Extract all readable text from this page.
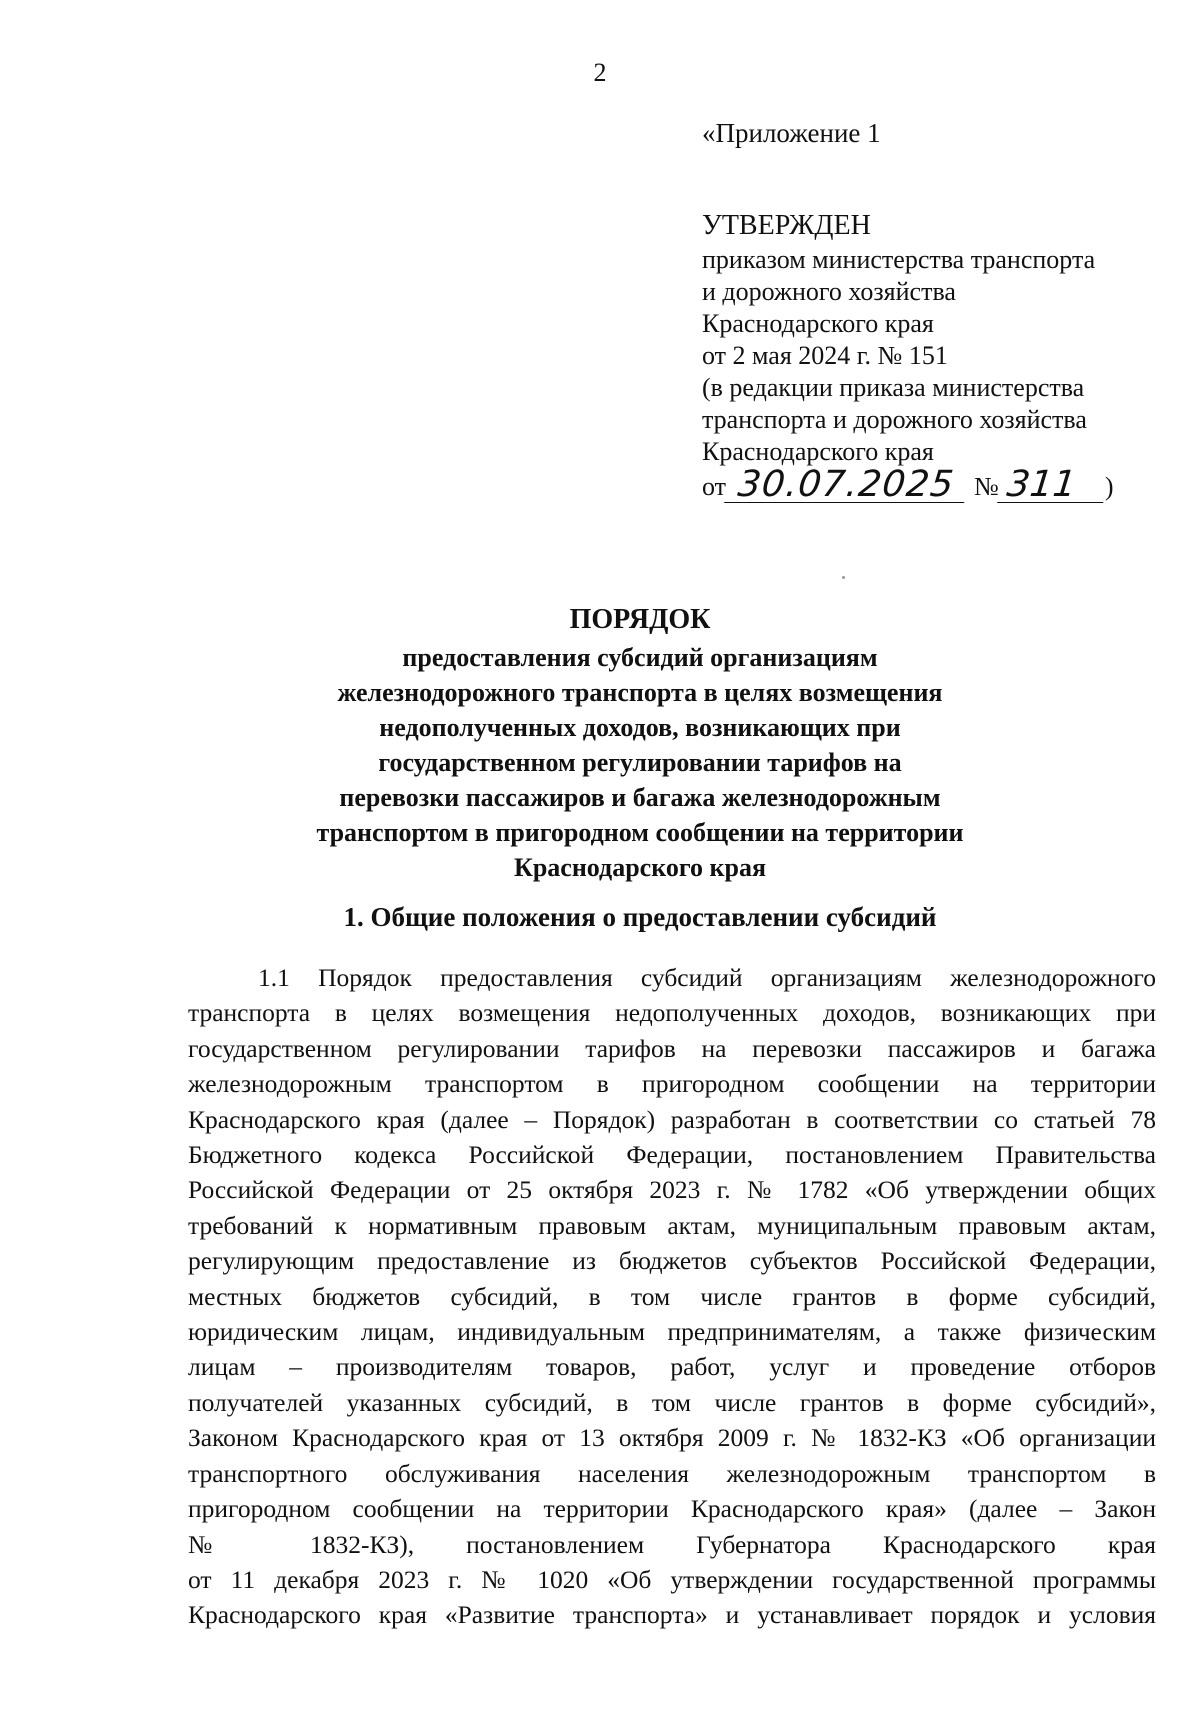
2
«Приложение 1
УТВЕРЖДЕН
приказом министерства транспорта
и дорожного хозяйства
Краснодарского края
от 2 мая 2024 г. № 151
(в редакции приказа министерства
транспорта и дорожного хозяйства
Краснодарского края
от 30.07.2025 № 311 )
ПОРЯДОК
предоставления субсидий организациям
железнодорожного транспорта в целях возмещения
недополученных доходов, возникающих при
государственном регулировании тарифов на
перевозки пассажиров и багажа железнодорожным
транспортом в пригородном сообщении на территории
Краснодарского края
1. Общие положения о предоставлении субсидий
1.1 Порядок предоставления субсидий организациям железнодорожного
транспорта в целях возмещения недополученных доходов, возникающих при
государственном регулировании тарифов на перевозки пассажиров и багажа
железнодорожным транспортом в пригородном сообщении на территории
Краснодарского края (далее – Порядок) разработан в соответствии со статьей 78
Бюджетного кодекса Российской Федерации, постановлением Правительства
Российской Федерации от 25 октября 2023 г. № 1782 «Об утверждении общих
требований к нормативным правовым актам, муниципальным правовым актам,
регулирующим предоставление из бюджетов субъектов Российской Федерации,
местных бюджетов субсидий, в том числе грантов в форме субсидий,
юридическим лицам, индивидуальным предпринимателям, а также физическим
лицам – производителям товаров, работ, услуг и проведение отборов
получателей указанных субсидий, в том числе грантов в форме субсидий»,
Законом Краснодарского края от 13 октября 2009 г. № 1832-КЗ «Об организации
транспортного обслуживания населения железнодорожным транспортом в
пригородном сообщении на территории Краснодарского края» (далее – Закон
№ 1832-КЗ), постановлением Губернатора Краснодарского края
от 11 декабря 2023 г. № 1020 «Об утверждении государственной программы
Краснодарского края «Развитие транспорта» и устанавливает порядок и условия
